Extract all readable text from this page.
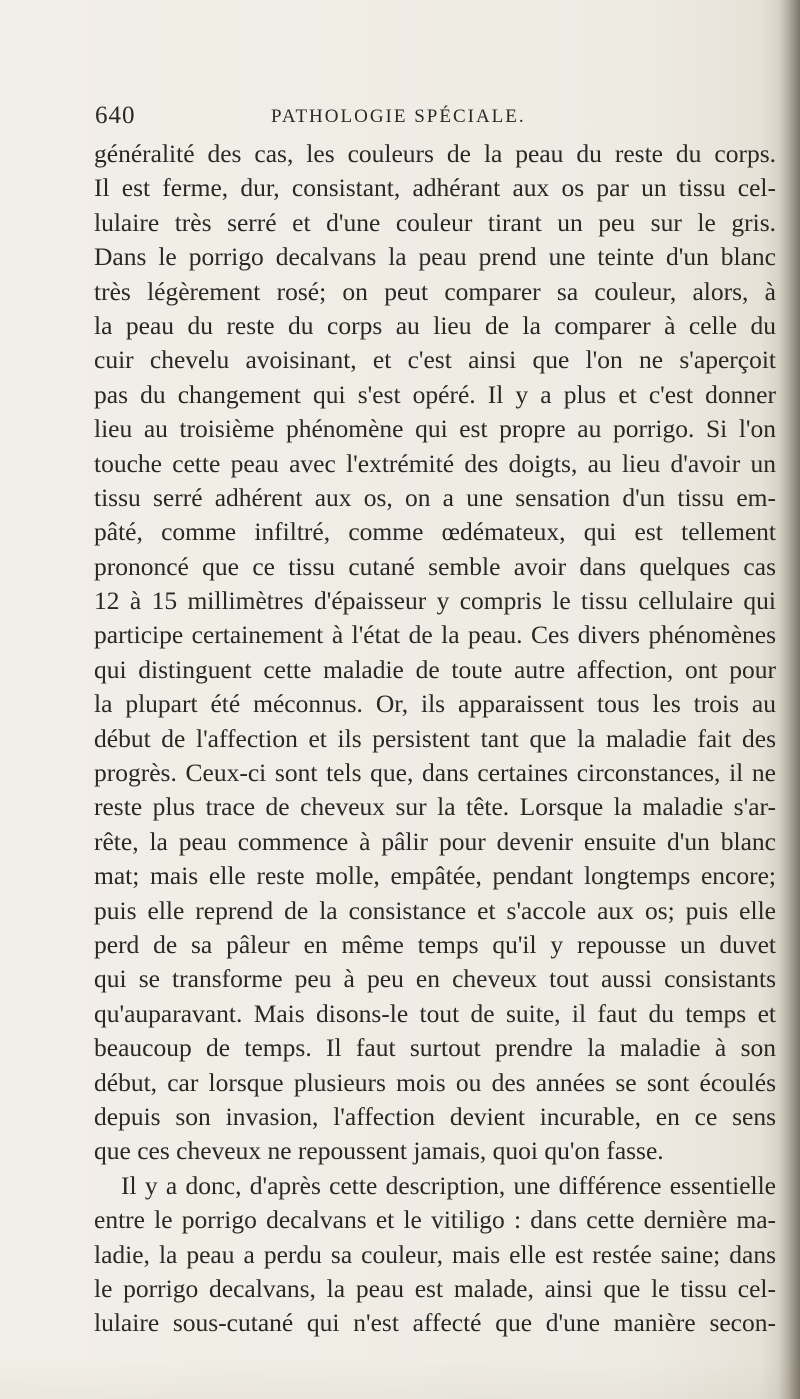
640	PATHOLOGIE SPÉCIALE.
généralité des cas, les couleurs de la peau du reste du corps.
Il est ferme, dur, consistant, adhérant aux os par un tissu cel-
lulaire très serré et d'une couleur tirant un peu sur le gris.
Dans le porrigo decalvans la peau prend une teinte d'un blanc
très légèrement rosé; on peut comparer sa couleur, alors, à
la peau du reste du corps au lieu de la comparer à celle du
cuir chevelu avoisinant, et c'est ainsi que l'on ne s'aperçoit
pas du changement qui s'est opéré. Il y a plus et c'est donner
lieu au troisième phénomène qui est propre au porrigo. Si l'on
touche cette peau avec l'extrémité des doigts, au lieu d'avoir un
tissu serré adhérent aux os, on a une sensation d'un tissu em-
pâté, comme infiltré, comme œdémateux, qui est tellement
prononcé que ce tissu cutané semble avoir dans quelques cas
12 à 15 millimètres d'épaisseur y compris le tissu cellulaire qui
participe certainement à l'état de la peau. Ces divers phénomènes
qui distinguent cette maladie de toute autre affection, ont pour
la plupart été méconnus. Or, ils apparaissent tous les trois au
début de l'affection et ils persistent tant que la maladie fait des
progrès. Ceux-ci sont tels que, dans certaines circonstances, il ne
reste plus trace de cheveux sur la tête. Lorsque la maladie s'ar-
rête, la peau commence à pâlir pour devenir ensuite d'un blanc
mat; mais elle reste molle, empâtée, pendant longtemps encore;
puis elle reprend de la consistance et s'accole aux os; puis elle
perd de sa pâleur en même temps qu'il y repousse un duvet
qui se transforme peu à peu en cheveux tout aussi consistants
qu'auparavant. Mais disons-le tout de suite, il faut du temps et
beaucoup de temps. Il faut surtout prendre la maladie à son
début, car lorsque plusieurs mois ou des années se sont écoulés
depuis son invasion, l'affection devient incurable, en ce sens
que ces cheveux ne repoussent jamais, quoi qu'on fasse.
Il y a donc, d'après cette description, une différence essentielle
entre le porrigo decalvans et le vitiligo : dans cette dernière ma-
ladie, la peau a perdu sa couleur, mais elle est restée saine; dans
le porrigo decalvans, la peau est malade, ainsi que le tissu cel-
lulaire sous-cutané qui n'est affecté que d'une manière secon-
